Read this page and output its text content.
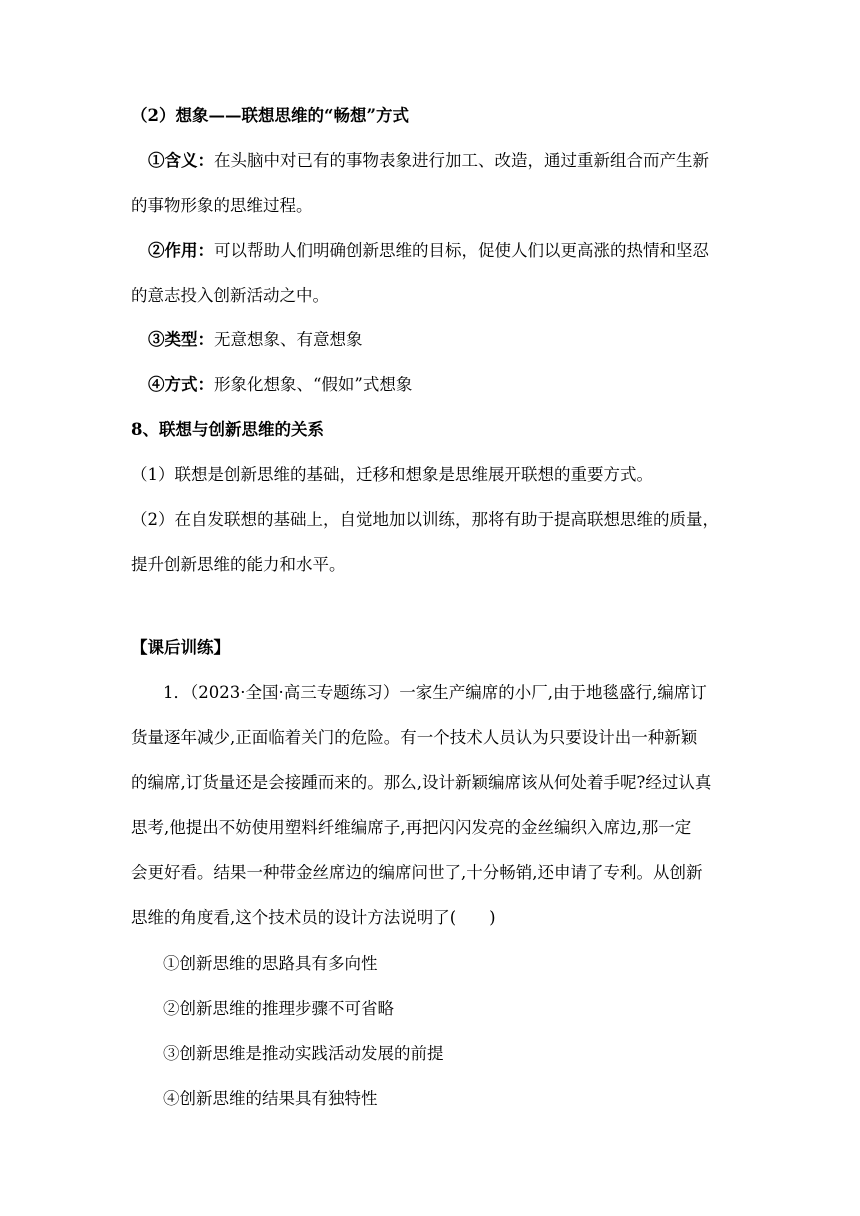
（2）想象——联想思维的“畅想”方式
①含义：在头脑中对已有的事物表象进行加工、改造，通过重新组合而产生新
的事物形象的思维过程。
②作用：可以帮助人们明确创新思维的目标，促使人们以更高涨的热情和坚忍
的意志投入创新活动之中。
③类型：无意想象、有意想象
④方式：形象化想象、“假如”式想象
8、联想与创新思维的关系
（1）联想是创新思维的基础，迁移和想象是思维展开联想的重要方式。
（2）在自发联想的基础上，自觉地加以训练，那将有助于提高联想思维的质量，
提升创新思维的能力和水平。
【课后训练】
1．（2023·全国·高三专题练习）一家生产编席的小厂,由于地毯盛行,编席订
货量逐年减少,正面临着关门的危险。有一个技术人员认为只要设计出一种新颖
的编席,订货量还是会接踵而来的。那么,设计新颖编席该从何处着手呢?经过认真
思考,他提出不妨使用塑料纤维编席子,再把闪闪发亮的金丝编织入席边,那一定
会更好看。结果一种带金丝席边的编席问世了,十分畅销,还申请了专利。从创新
思维的角度看,这个技术员的设计方法说明了(　　)
①创新思维的思路具有多向性
②创新思维的推理步骤不可省略
③创新思维是推动实践活动发展的前提
④创新思维的结果具有独特性
